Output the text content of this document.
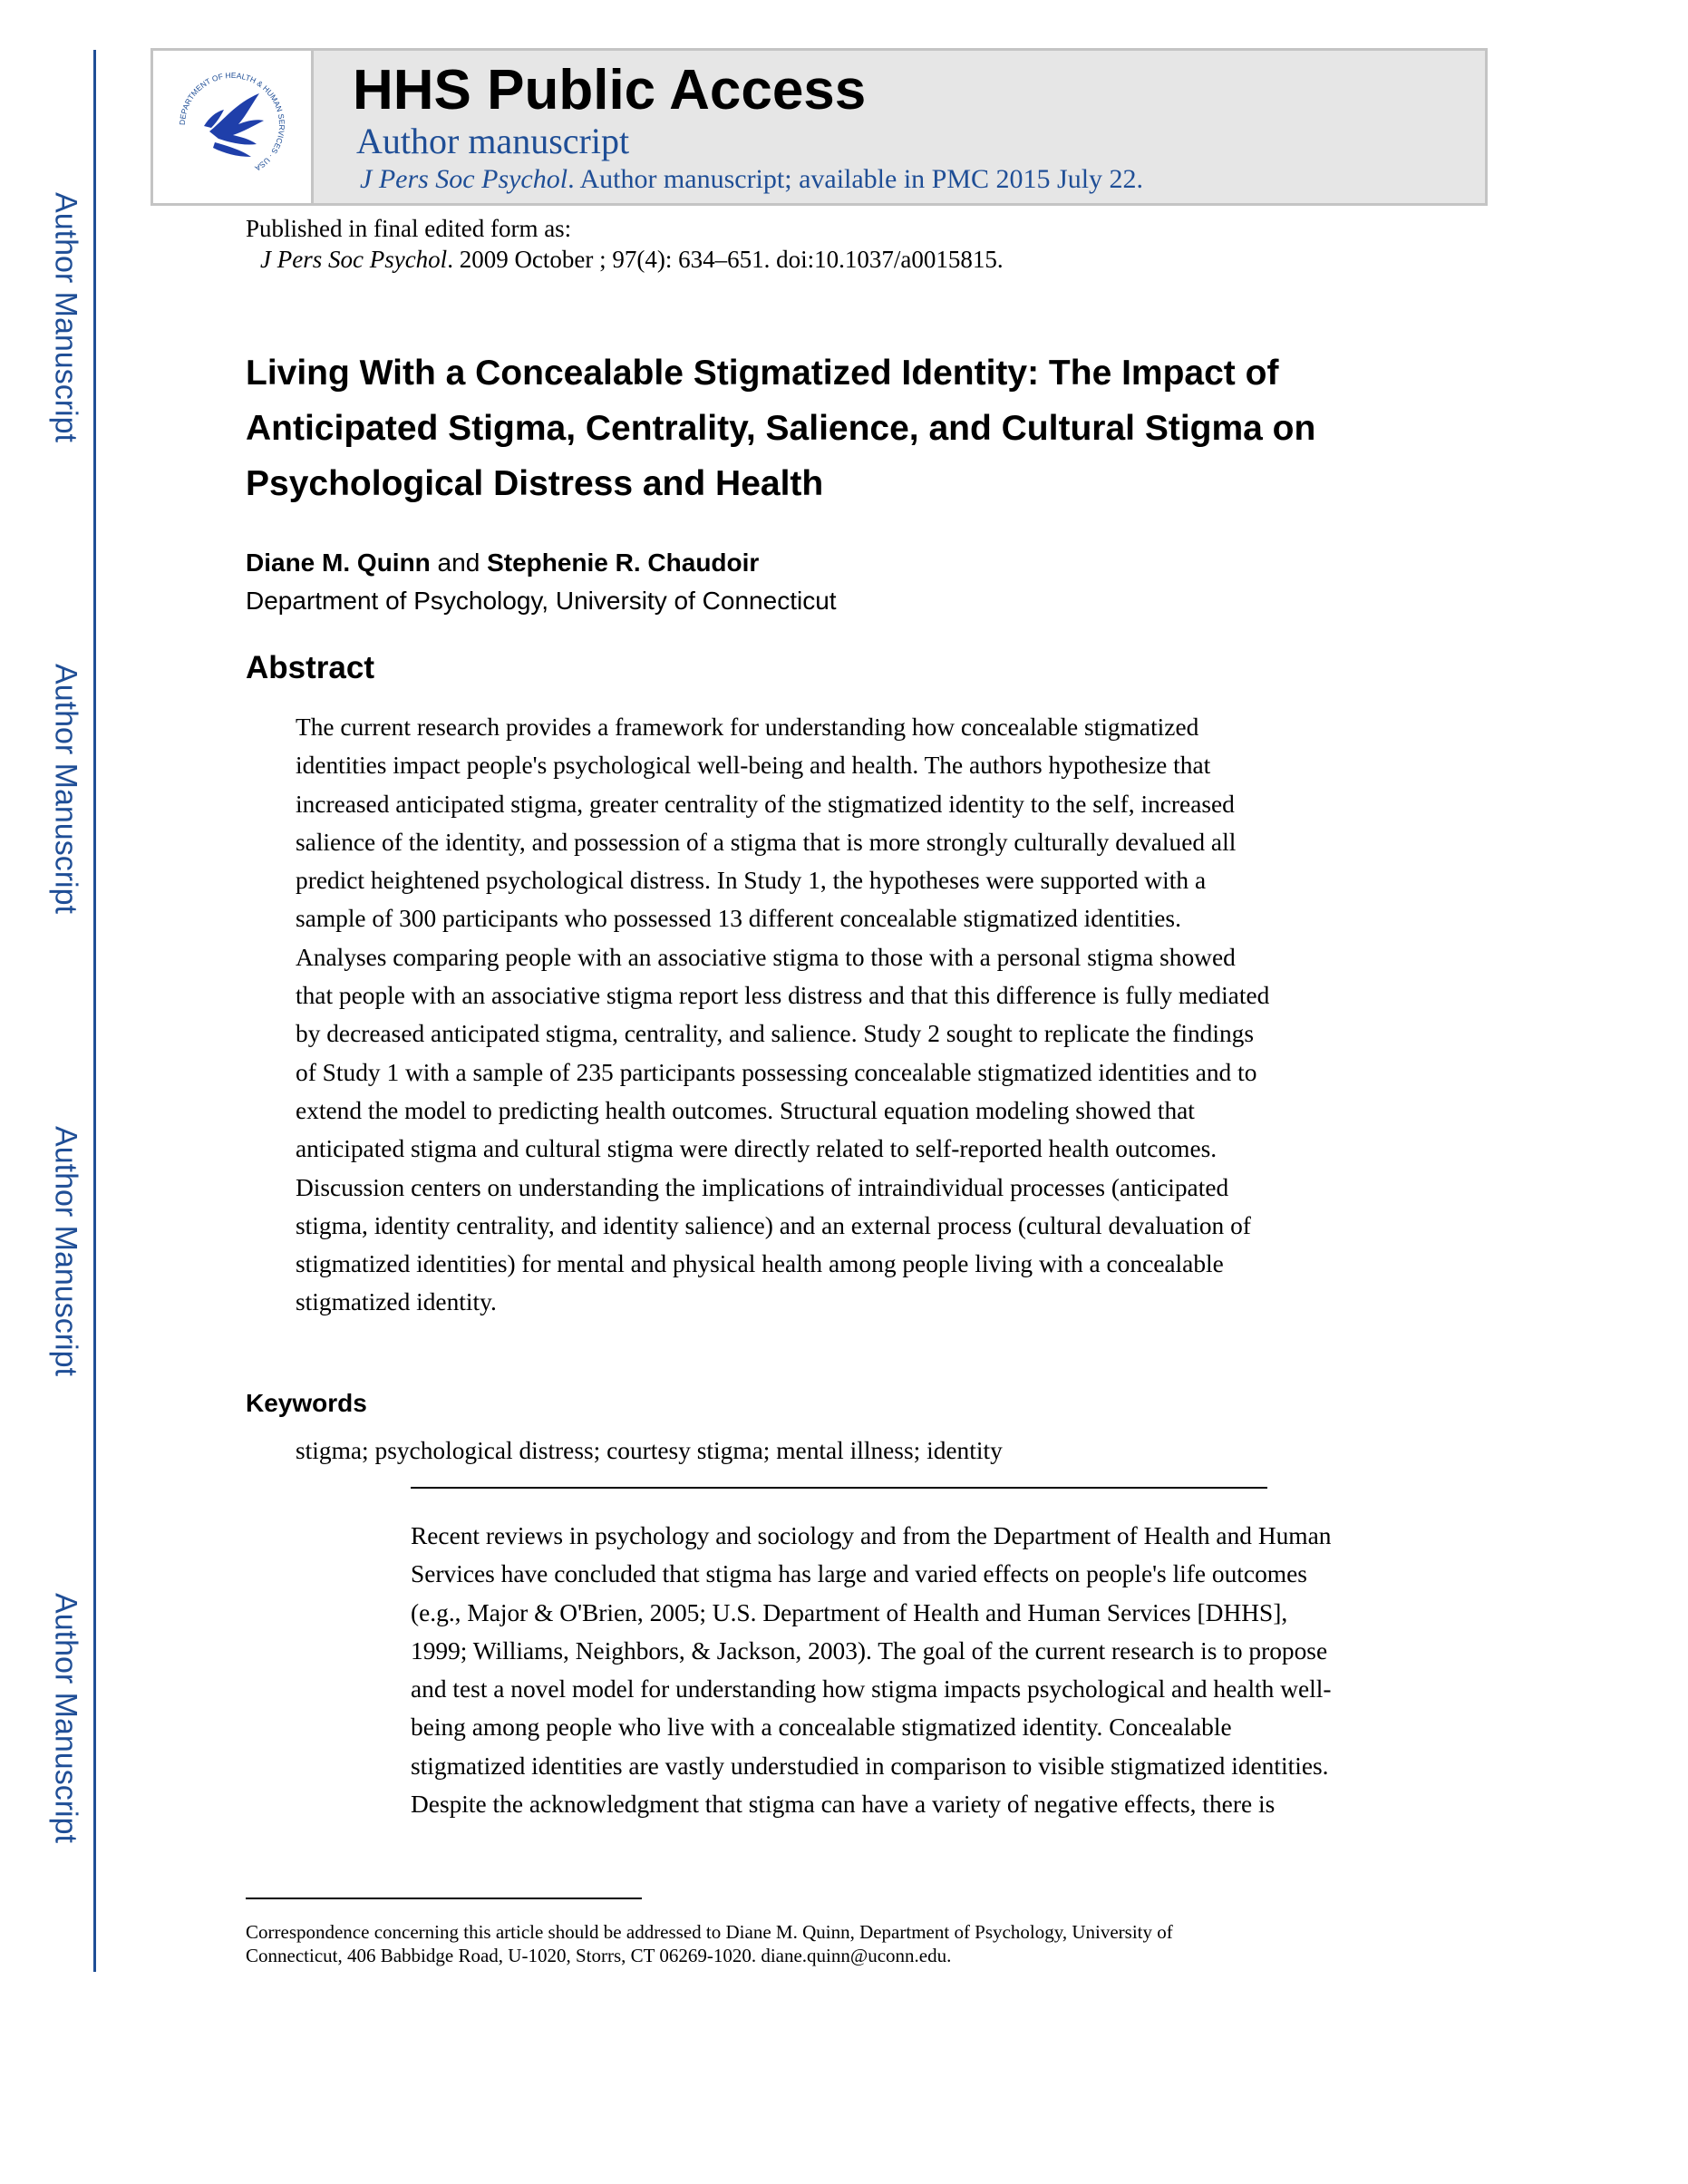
Author Manuscript
Author Manuscript
Author Manuscript
Author Manuscript
DEPARTMENT OF HEALTH & HUMAN SERVICES · USA
HHS Public Access
Author manuscript
J Pers Soc Psychol. Author manuscript; available in PMC 2015 July 22.
Published in final edited form as:
J Pers Soc Psychol. 2009 October ; 97(4): 634–651. doi:10.1037/a0015815.
Living With a Concealable Stigmatized Identity: The Impact of Anticipated Stigma, Centrality, Salience, and Cultural Stigma on Psychological Distress and Health
Diane M. Quinn and Stephenie R. Chaudoir
Department of Psychology, University of Connecticut
Abstract
The current research provides a framework for understanding how concealable stigmatized
identities impact people's psychological well-being and health. The authors hypothesize that
increased anticipated stigma, greater centrality of the stigmatized identity to the self, increased
salience of the identity, and possession of a stigma that is more strongly culturally devalued all
predict heightened psychological distress. In Study 1, the hypotheses were supported with a
sample of 300 participants who possessed 13 different concealable stigmatized identities.
Analyses comparing people with an associative stigma to those with a personal stigma showed
that people with an associative stigma report less distress and that this difference is fully mediated
by decreased anticipated stigma, centrality, and salience. Study 2 sought to replicate the findings
of Study 1 with a sample of 235 participants possessing concealable stigmatized identities and to
extend the model to predicting health outcomes. Structural equation modeling showed that
anticipated stigma and cultural stigma were directly related to self-reported health outcomes.
Discussion centers on understanding the implications of intraindividual processes (anticipated
stigma, identity centrality, and identity salience) and an external process (cultural devaluation of
stigmatized identities) for mental and physical health among people living with a concealable
stigmatized identity.
Keywords
stigma; psychological distress; courtesy stigma; mental illness; identity
Recent reviews in psychology and sociology and from the Department of Health and Human
Services have concluded that stigma has large and varied effects on people's life outcomes
(e.g., Major & O'Brien, 2005; U.S. Department of Health and Human Services [DHHS],
1999; Williams, Neighbors, & Jackson, 2003). The goal of the current research is to propose
and test a novel model for understanding how stigma impacts psychological and health well-
being among people who live with a concealable stigmatized identity. Concealable
stigmatized identities are vastly understudied in comparison to visible stigmatized identities.
Despite the acknowledgment that stigma can have a variety of negative effects, there is
Correspondence concerning this article should be addressed to Diane M. Quinn, Department of Psychology, University of
Connecticut, 406 Babbidge Road, U-1020, Storrs, CT 06269-1020. diane.quinn@uconn.edu.
